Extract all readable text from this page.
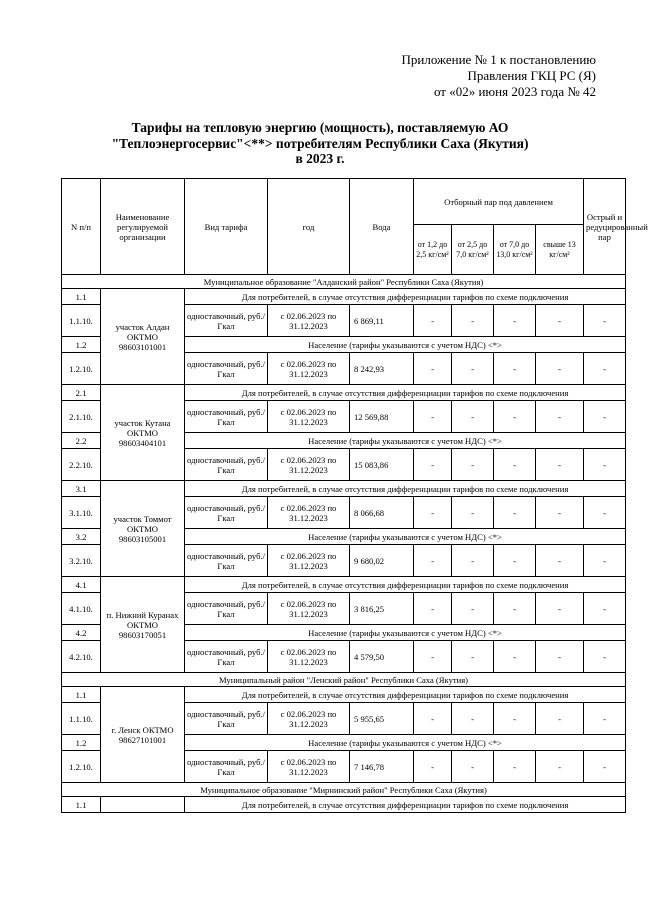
Приложение № 1 к постановлению
Правления ГКЦ РС (Я)
от «02» июня 2023 года № 42
Тарифы на тепловую энергию (мощность), поставляемую АО
"Теплоэнергосервис"<**> потребителям Республики Саха (Якутия)
в 2023 г.
N п/п	Наименование регулируемой организации	Вид тарифа	год	Вода	Отборный пар под давлением				Острый и редуцированный пар
					от 1,2 до 2,5 кг/см²	от 2,5 до 7,0 кг/см²	от 7,0 до 13,0 кг/см²	свыше 13 кг/см²	
Муниципальное образование "Алданский район" Республики Саха (Якутия)									
1.1	участок Алдан ОКТМО 98603101001	Для потребителей, в случае отсутствия дифференциации тарифов по схеме подключения							
1.1.10.		одноставочный, руб./Гкал	с 02.06.2023 по 31.12.2023	6 869,11	-	-	-	-	-
1.2		Население (тарифы указываются с учетом НДС) <*>							
1.2.10.		одноставочный, руб./Гкал	с 02.06.2023 по 31.12.2023	8 242,93	-	-	-	-	-
2.1	участок Кутана ОКТМО 98603404101	Для потребителей, в случае отсутствия дифференциации тарифов по схеме подключения							
2.1.10.		одноставочный, руб./Гкал	с 02.06.2023 по 31.12.2023	12 569,88	-	-	-	-	-
2.2		Население (тарифы указываются с учетом НДС) <*>							
2.2.10.		одноставочный, руб./Гкал	с 02.06.2023 по 31.12.2023	15 083,86	-	-	-	-	-
3.1	участок Томмот ОКТМО 98603105001	Для потребителей, в случае отсутствия дифференциации тарифов по схеме подключения							
3.1.10.		одноставочный, руб./Гкал	с 02.06.2023 по 31.12.2023	8 066,68	-	-	-	-	-
3.2		Население (тарифы указываются с учетом НДС) <*>							
3.2.10.		одноставочный, руб./Гкал	с 02.06.2023 по 31.12.2023	9 680,02	-	-	-	-	-
4.1	п. Нижний Куранах ОКТМО 98603170051	Для потребителей, в случае отсутствия дифференциации тарифов по схеме подключения							
4.1.10.		одноставочный, руб./Гкал	с 02.06.2023 по 31.12.2023	3 816,25	-	-	-	-	-
4.2		Население (тарифы указываются с учетом НДС) <*>							
4.2.10.		одноставочный, руб./Гкал	с 02.06.2023 по 31.12.2023	4 579,50	-	-	-	-	-
Муниципальный район "Ленский район" Республики Саха (Якутия)									
1.1	г. Ленск ОКТМО 98627101001	Для потребителей, в случае отсутствия дифференциации тарифов по схеме подключения							
1.1.10.		одноставочный, руб./Гкал	с 02.06.2023 по 31.12.2023	5 955,65	-	-	-	-	-
1.2		Население (тарифы указываются с учетом НДС) <*>							
1.2.10.		одноставочный, руб./Гкал	с 02.06.2023 по 31.12.2023	7 146,78	-	-	-	-	-
Муниципальное образование "Мирнинский район" Республики Саха (Якутия)									
1.1		Для потребителей, в случае отсутствия дифференциации тарифов по схеме подключения							
